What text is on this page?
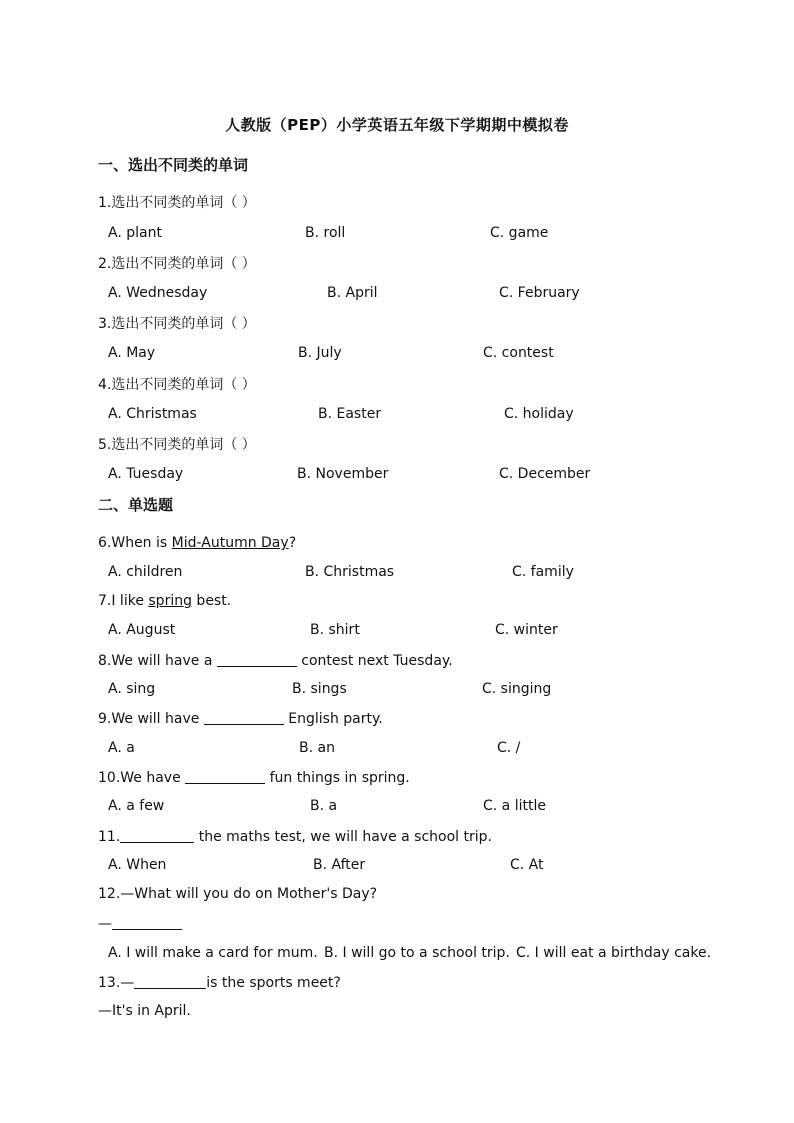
人教版（PEP）小学英语五年级下学期期中模拟卷
一、选出不同类的单词
1.选出不同类的单词（ ）
A. plant	B. roll	C. game
2.选出不同类的单词（ ）
A. Wednesday	B. April	C. February
3.选出不同类的单词（ ）
A. May	B. July	C. contest
4.选出不同类的单词（ ）
A. Christmas	B. Easter	C. holiday
5.选出不同类的单词（ ）
A. Tuesday	B. November	C. December
二、单选题
6.When is Mid-Autumn Day?
A. children	B. Christmas	C. family
7.I like spring best.
A. August	B. shirt	C. winter
8.We will have a	contest next Tuesday.
A. sing	B. sings	C. singing
9.We will have	English party.
A. a	B. an	C. /
10.We have	fun things in spring.
A. a few	B. a	C. a little
11.	the maths test, we will have a school trip.
A. When	B. After	C. At
12.—What will you do on Mother's Day?
—
A. I will make a card for mum. B. I will go to a school trip. C. I will eat a birthday cake.
13.—	is the sports meet?
—It's in April.
